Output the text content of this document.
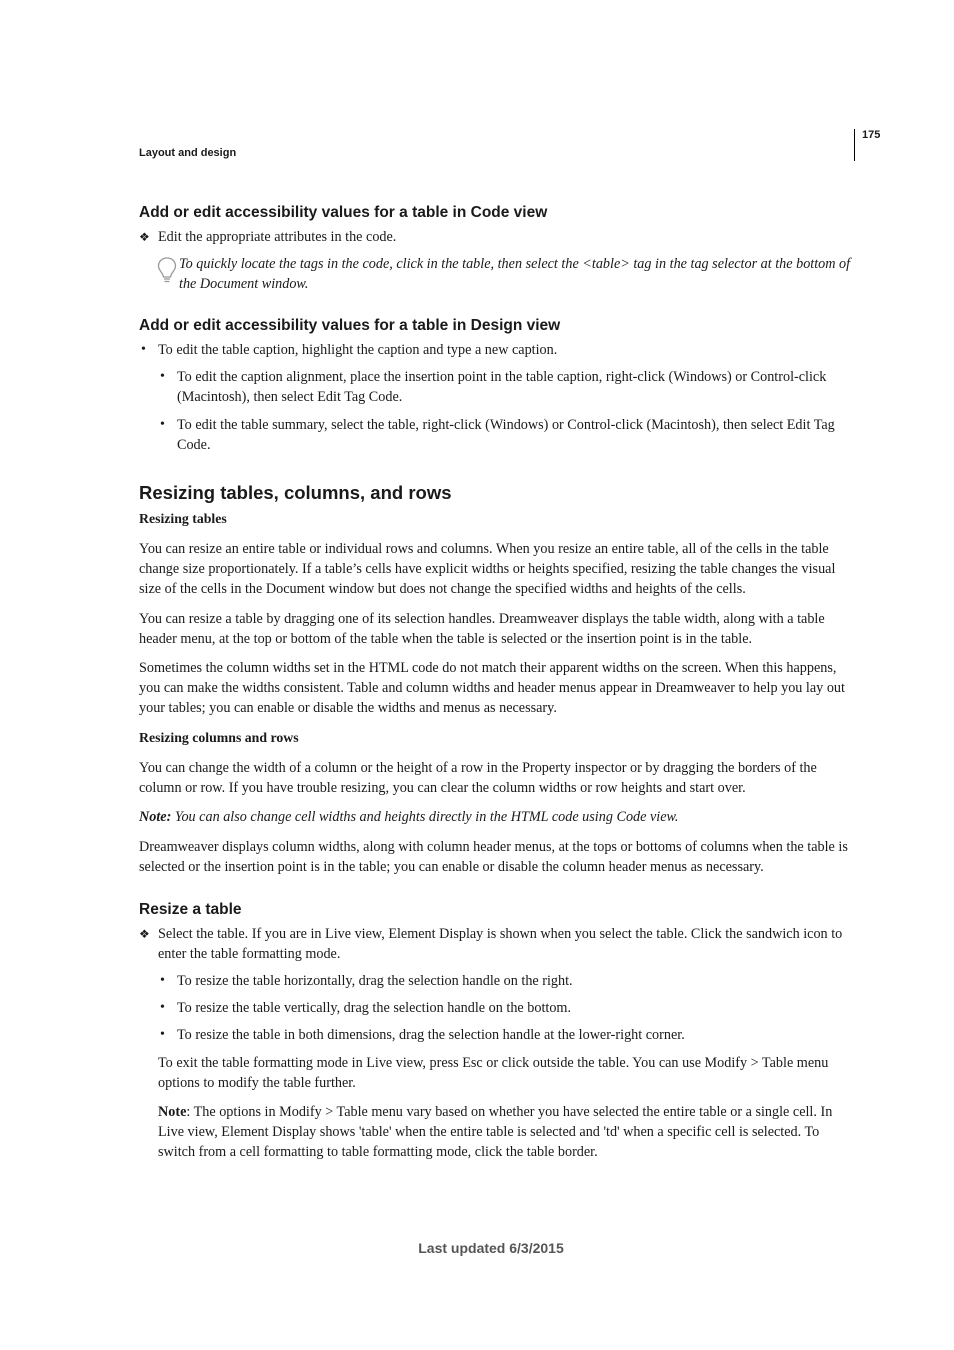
175
Layout and design
Add or edit accessibility values for a table in Code view
❖ Edit the appropriate attributes in the code.
To quickly locate the tags in the code, click in the table, then select the <table> tag in the tag selector at the bottom of the Document window.
Add or edit accessibility values for a table in Design view
• To edit the table caption, highlight the caption and type a new caption.
• To edit the caption alignment, place the insertion point in the table caption, right-click (Windows) or Control-click (Macintosh), then select Edit Tag Code.
• To edit the table summary, select the table, right-click (Windows) or Control-click (Macintosh), then select Edit Tag Code.
Resizing tables, columns, and rows
Resizing tables

You can resize an entire table or individual rows and columns. When you resize an entire table, all of the cells in the table change size proportionately. If a table’s cells have explicit widths or heights specified, resizing the table changes the visual size of the cells in the Document window but does not change the specified widths and heights of the cells.

You can resize a table by dragging one of its selection handles. Dreamweaver displays the table width, along with a table header menu, at the top or bottom of the table when the table is selected or the insertion point is in the table.

Sometimes the column widths set in the HTML code do not match their apparent widths on the screen. When this happens, you can make the widths consistent. Table and column widths and header menus appear in Dreamweaver to help you lay out your tables; you can enable or disable the widths and menus as necessary.

Resizing columns and rows

You can change the width of a column or the height of a row in the Property inspector or by dragging the borders of the column or row. If you have trouble resizing, you can clear the column widths or row heights and start over.

Note: You can also change cell widths and heights directly in the HTML code using Code view.

Dreamweaver displays column widths, along with column header menus, at the tops or bottoms of columns when the table is selected or the insertion point is in the table; you can enable or disable the column header menus as necessary.

Resize a table
❖ Select the table. If you are in Live view, Element Display is shown when you select the table. Click the sandwich icon to enter the table formatting mode.
• To resize the table horizontally, drag the selection handle on the right.
• To resize the table vertically, drag the selection handle on the bottom.
• To resize the table in both dimensions, drag the selection handle at the lower-right corner.

To exit the table formatting mode in Live view, press Esc or click outside the table. You can use Modify > Table menu options to modify the table further.

Note: The options in Modify > Table menu vary based on whether you have selected the entire table or a single cell. In Live view, Element Display shows 'table' when the entire table is selected and 'td' when a specific cell is selected. To switch from a cell formatting to table formatting mode, click the table border.

Last updated 6/3/2015
